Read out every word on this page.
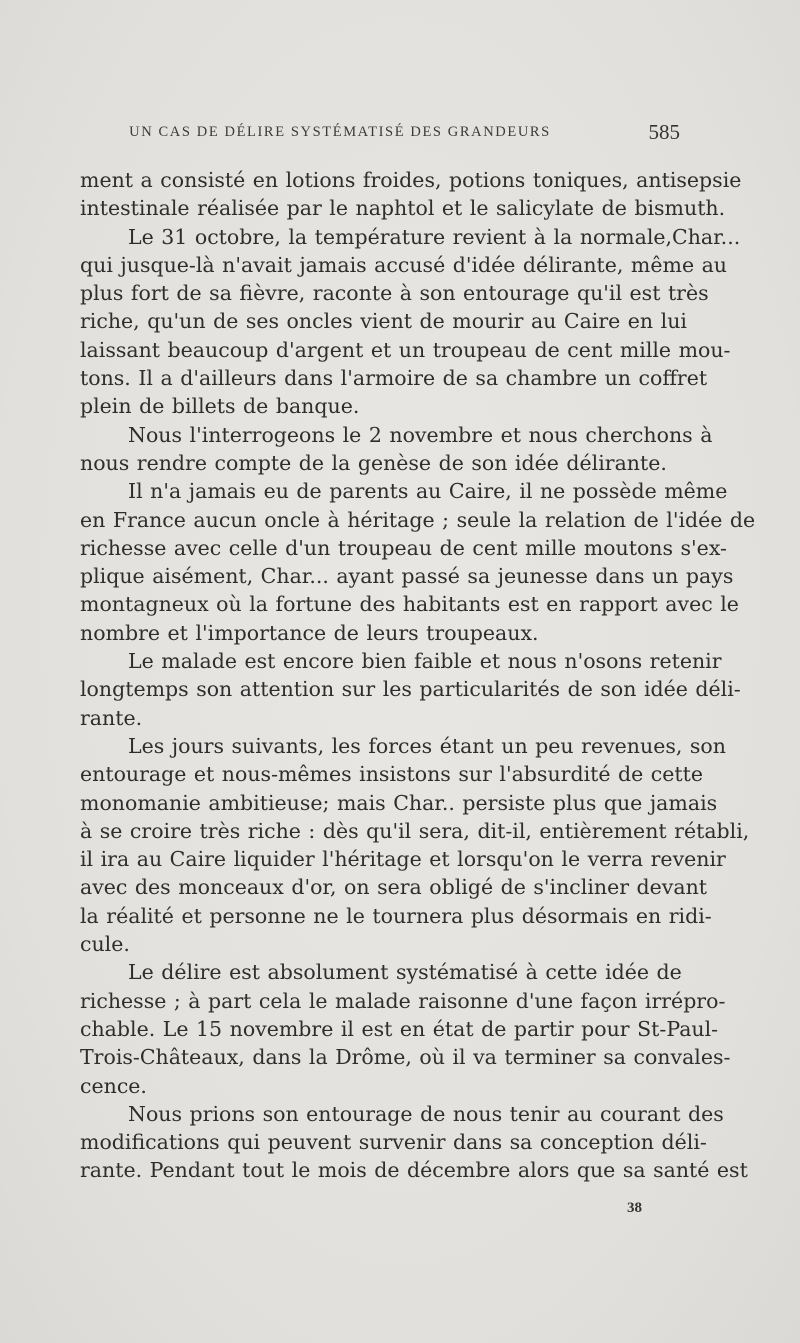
UN CAS DE DÉLIRE SYSTÉMATISÉ DES GRANDEURS	585
ment a consisté en lotions froides, potions toniques, antisepsie
intestinale réalisée par le naphtol et le salicylate de bismuth.
Le 31 octobre, la température revient à la normale,Char...
qui jusque-là n'avait jamais accusé d'idée délirante, même au
plus fort de sa fièvre, raconte à son entourage qu'il est très
riche, qu'un de ses oncles vient de mourir au Caire en lui
laissant beaucoup d'argent et un troupeau de cent mille mou-
tons. Il a d'ailleurs dans l'armoire de sa chambre un coffret
plein de billets de banque.
Nous l'interrogeons le 2 novembre et nous cherchons à
nous rendre compte de la genèse de son idée délirante.
Il n'a jamais eu de parents au Caire, il ne possède même
en France aucun oncle à héritage ; seule la relation de l'idée de
richesse avec celle d'un troupeau de cent mille moutons s'ex-
plique aisément, Char... ayant passé sa jeunesse dans un pays
montagneux où la fortune des habitants est en rapport avec le
nombre et l'importance de leurs troupeaux.
Le malade est encore bien faible et nous n'osons retenir
longtemps son attention sur les particularités de son idée déli-
rante.
Les jours suivants, les forces étant un peu revenues, son
entourage et nous-mêmes insistons sur l'absurdité de cette
monomanie ambitieuse; mais Char.. persiste plus que jamais
à se croire très riche : dès qu'il sera, dit-il, entièrement rétabli,
il ira au Caire liquider l'héritage et lorsqu'on le verra revenir
avec des monceaux d'or, on sera obligé de s'incliner devant
la réalité et personne ne le tournera plus désormais en ridi-
cule.
Le délire est absolument systématisé à cette idée de
richesse ; à part cela le malade raisonne d'une façon irrépro-
chable. Le 15 novembre il est en état de partir pour St-Paul-
Trois-Châteaux, dans la Drôme, où il va terminer sa convales-
cence.
Nous prions son entourage de nous tenir au courant des
modifications qui peuvent survenir dans sa conception déli-
rante. Pendant tout le mois de décembre alors que sa santé est
38
